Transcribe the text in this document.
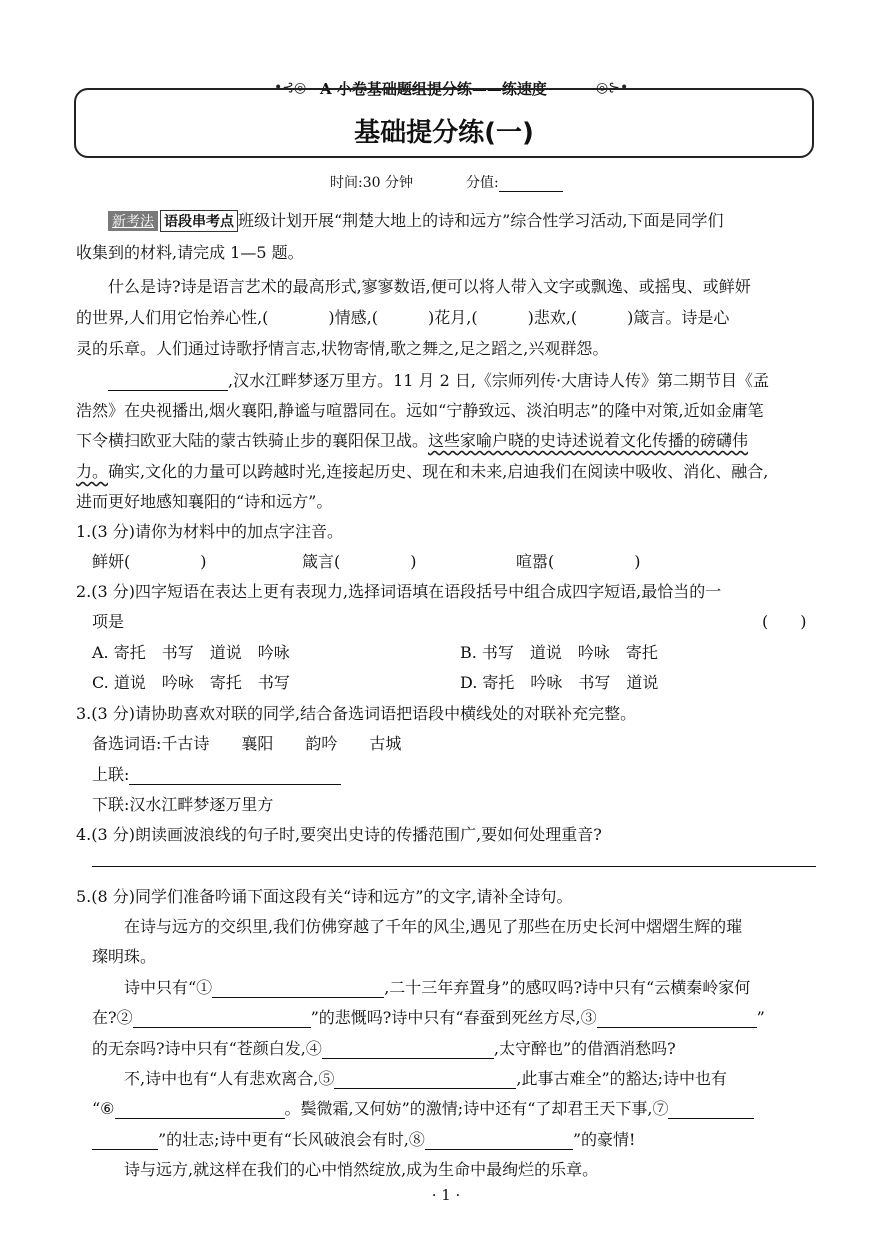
•⊰◎ A 小卷基础题组提分练——练速度	◎⊱•
基础提分练(一)
时间:30 分钟	分值:
新考法 语段串考点 班级计划开展“荆楚大地上的诗和远方”综合性学习活动,下面是同学们
收集到的材料,请完成 1—5 题。
什么是诗?诗是语言艺术的最高形式,寥寥数语,便可以将人带入文字或飘逸、或摇曳、或鲜妍
的世界,人们用它怡养心性,(	)情感,(	)花月,(	)悲欢,(	)箴言。诗是心
灵的乐章。人们通过诗歌抒情言志,状物寄情,歌之舞之,足之蹈之,兴观群怨。
,汉水江畔梦逐万里方。11 月 2 日,《宗师列传·大唐诗人传》第二期节目《孟
浩然》在央视播出,烟火襄阳,静谧与喧嚣同在。远如“宁静致远、淡泊明志”的隆中对策,近如金庸笔
下令横扫欧亚大陆的蒙古铁骑止步的襄阳保卫战。这些家喻户晓的史诗述说着文化传播的磅礴伟
力。确实,文化的力量可以跨越时光,连接起历史、现在和未来,启迪我们在阅读中吸收、消化、融合,
进而更好地感知襄阳的“诗和远方”。
1.(3 分)请你为材料中的加点字注音。
鲜妍(	)	箴言(	)	喧嚣(	)
2.(3 分)四字短语在表达上更有表现力,选择词语填在语段括号中组合成四字短语,最恰当的一
项是	(　　)
A. 寄托　书写　道说　吟咏	B. 书写　道说　吟咏　寄托
C. 道说　吟咏　寄托　书写	D. 寄托　吟咏　书写　道说
3.(3 分)请协助喜欢对联的同学,结合备选词语把语段中横线处的对联补充完整。
备选词语:千古诗　　襄阳　　韵吟　　古城
上联:
下联:汉水江畔梦逐万里方
4.(3 分)朗读画波浪线的句子时,要突出史诗的传播范围广,要如何处理重音?
5.(8 分)同学们准备吟诵下面这段有关“诗和远方”的文字,请补全诗句。
在诗与远方的交织里,我们仿佛穿越了千年的风尘,遇见了那些在历史长河中熠熠生辉的璀
璨明珠。
诗中只有“①	,二十三年弃置身”的感叹吗?诗中只有“云横秦岭家何
在?②	”的悲慨吗?诗中只有“春蚕到死丝方尽,③	”
的无奈吗?诗中只有“苍颜白发,④	,太守醉也”的借酒消愁吗?
不,诗中也有“人有悲欢离合,⑤	,此事古难全”的豁达;诗中也有
“⑥	。鬓微霜,又何妨”的激情;诗中还有“了却君王天下事,⑦
”的壮志;诗中更有“长风破浪会有时,⑧	”的豪情!
诗与远方,就这样在我们的心中悄然绽放,成为生命中最绚烂的乐章。
· 1 ·
